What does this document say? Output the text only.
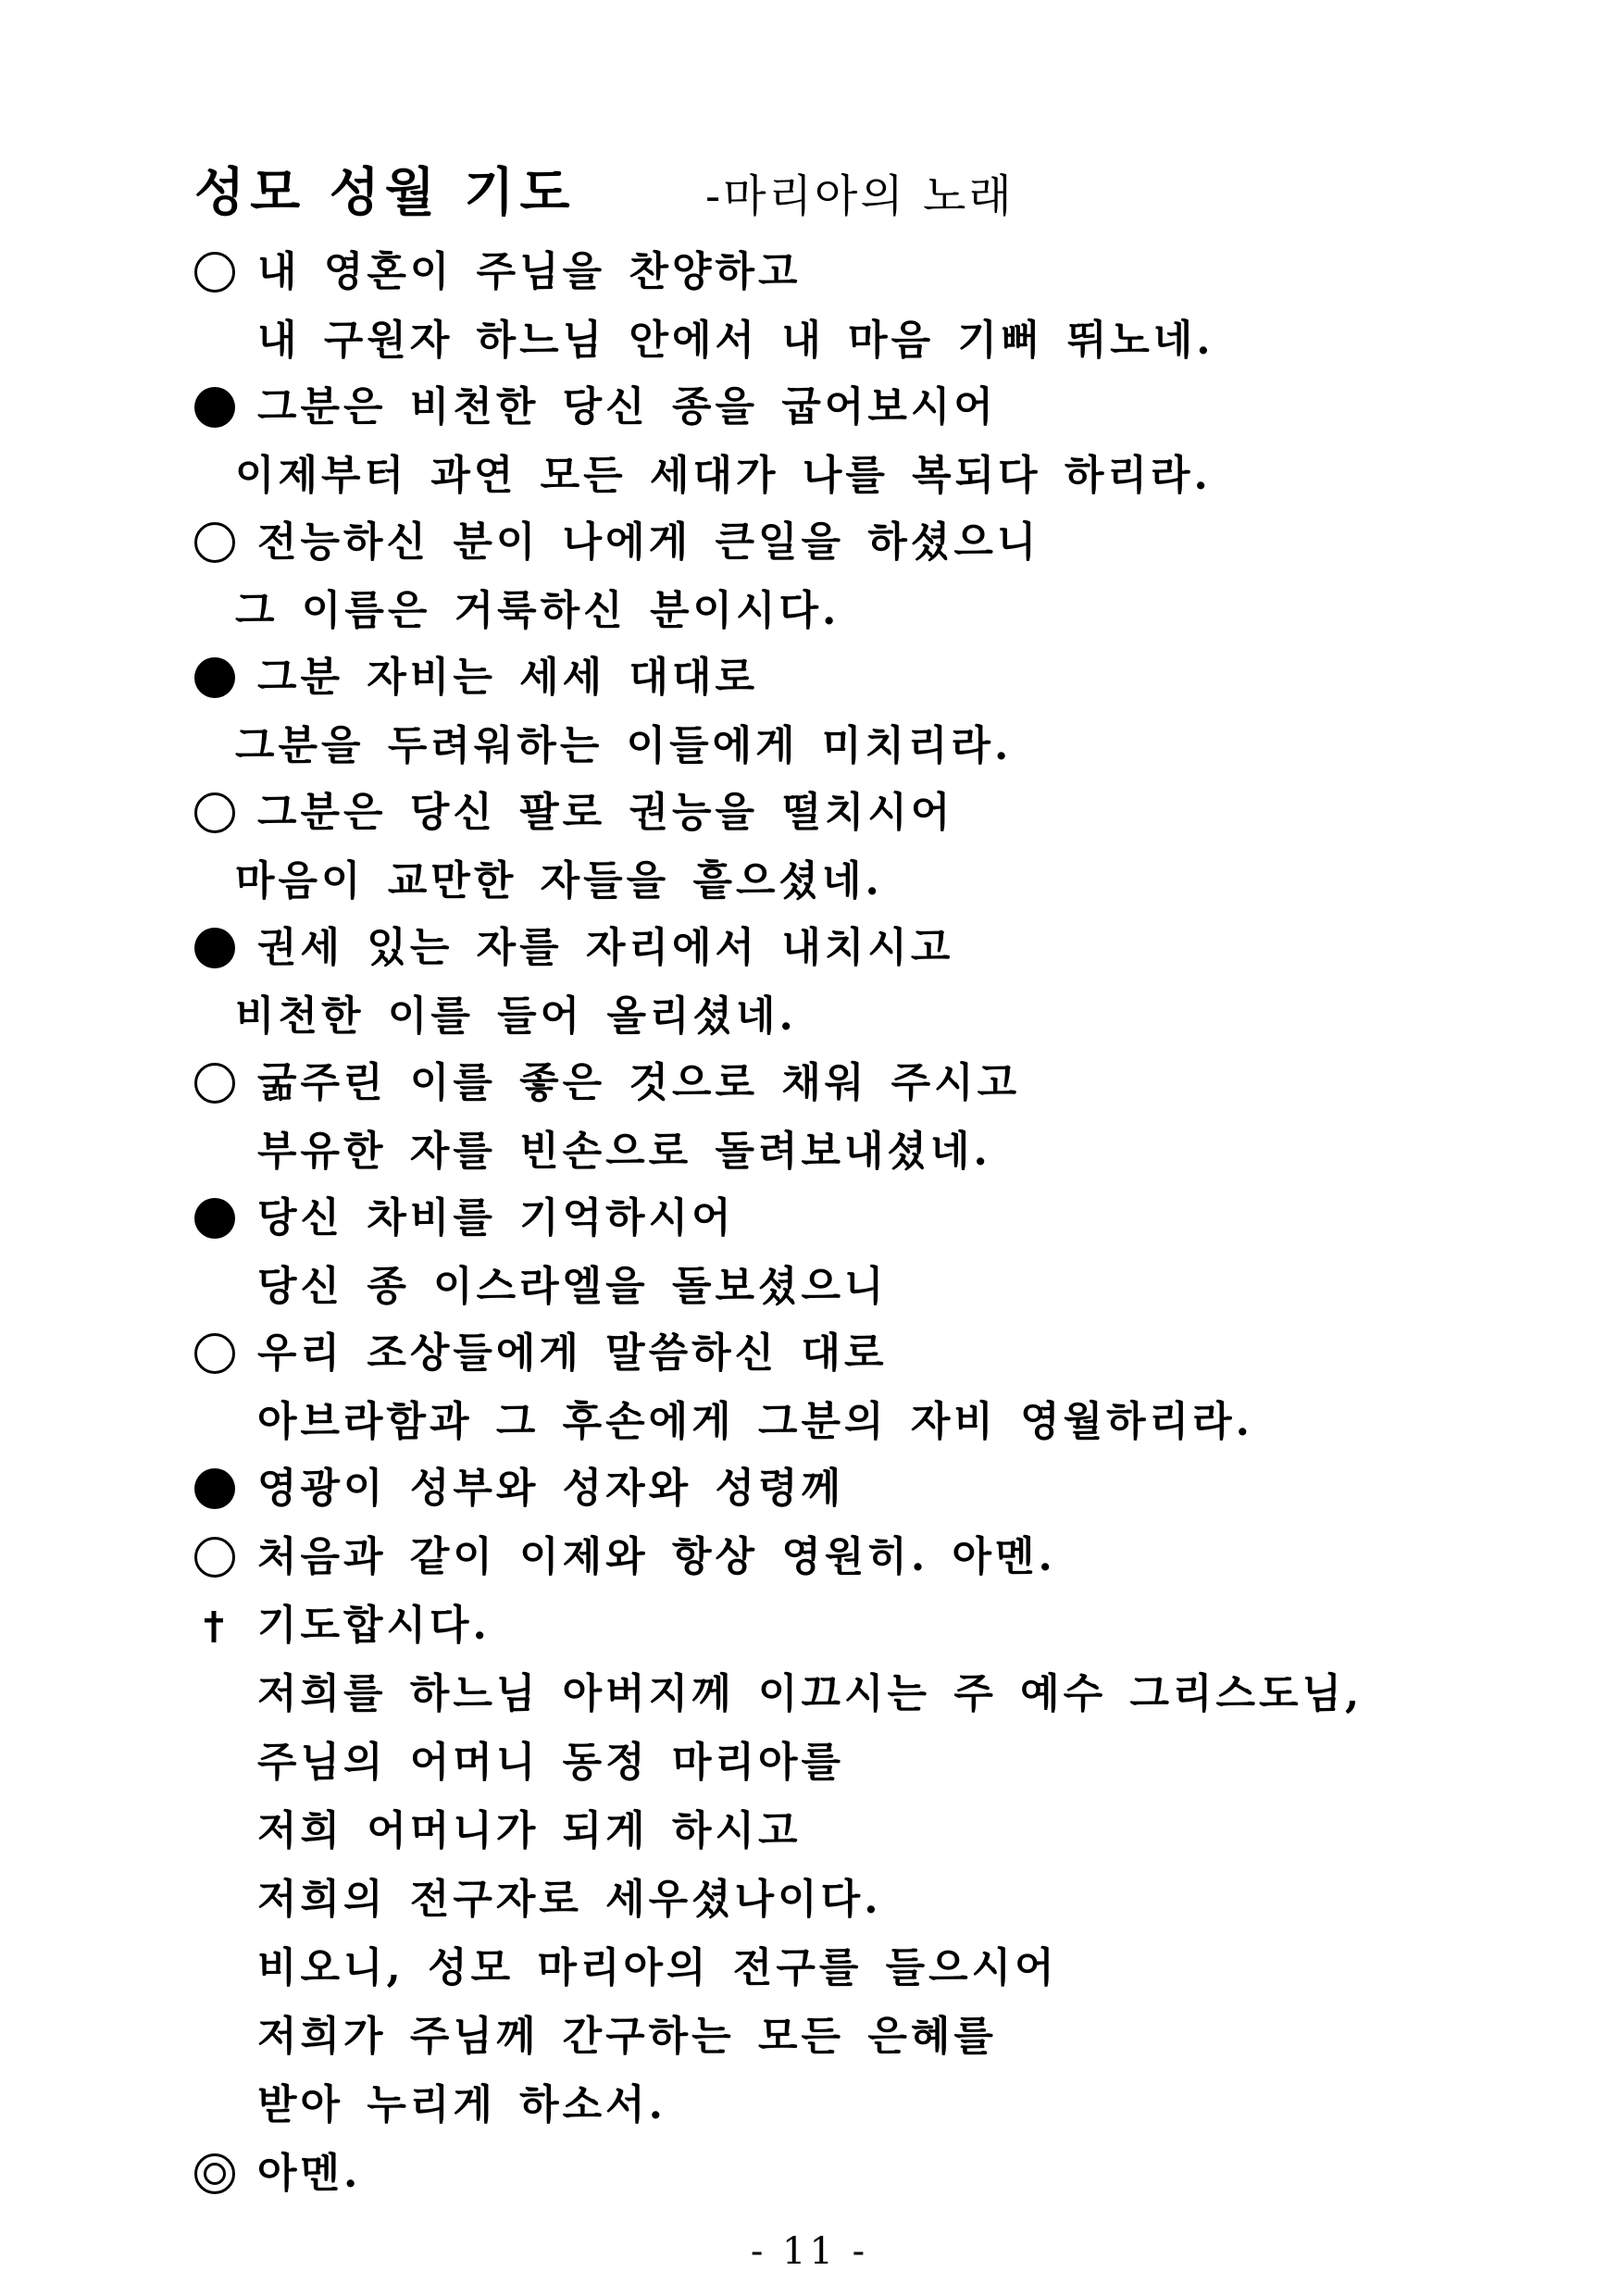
성모 성월 기도	-마리아의 노래
내 영혼이 주님을 찬양하고
내 구원자 하느님 안에서 내 마음 기뻐 뛰노네.
그분은 비천한 당신 종을 굽어보시어
이제부터 과연 모든 세대가 나를 복되다 하리라.
전능하신 분이 나에게 큰일을 하셨으니
그 이름은 거룩하신 분이시다.
그분 자비는 세세 대대로
그분을 두려워하는 이들에게 미치리라.
그분은 당신 팔로 권능을 떨치시어
마음이 교만한 자들을 흩으셨네.
권세 있는 자를 자리에서 내치시고
비천한 이를 들어 올리셨네.
굶주린 이를 좋은 것으로 채워 주시고
부유한 자를 빈손으로 돌려보내셨네.
당신 차비를 기억하시어
당신 종 이스라엘을 돌보셨으니
우리 조상들에게 말씀하신 대로
아브라함과 그 후손에게 그분의 자비 영월하리라.
영광이 성부와 성자와 성령께
처음과 같이 이제와 항상 영원히. 아멘.
기도합시다.
저희를 하느님 아버지께 이끄시는 주 예수 그리스도님,
주님의 어머니 동정 마리아를
저희 어머니가 되게 하시고
저희의 전구자로 세우셨나이다.
비오니, 성모 마리아의 전구를 들으시어
저희가 주님께 간구하는 모든 은혜를
받아 누리게 하소서.
아멘.
- 11 -
